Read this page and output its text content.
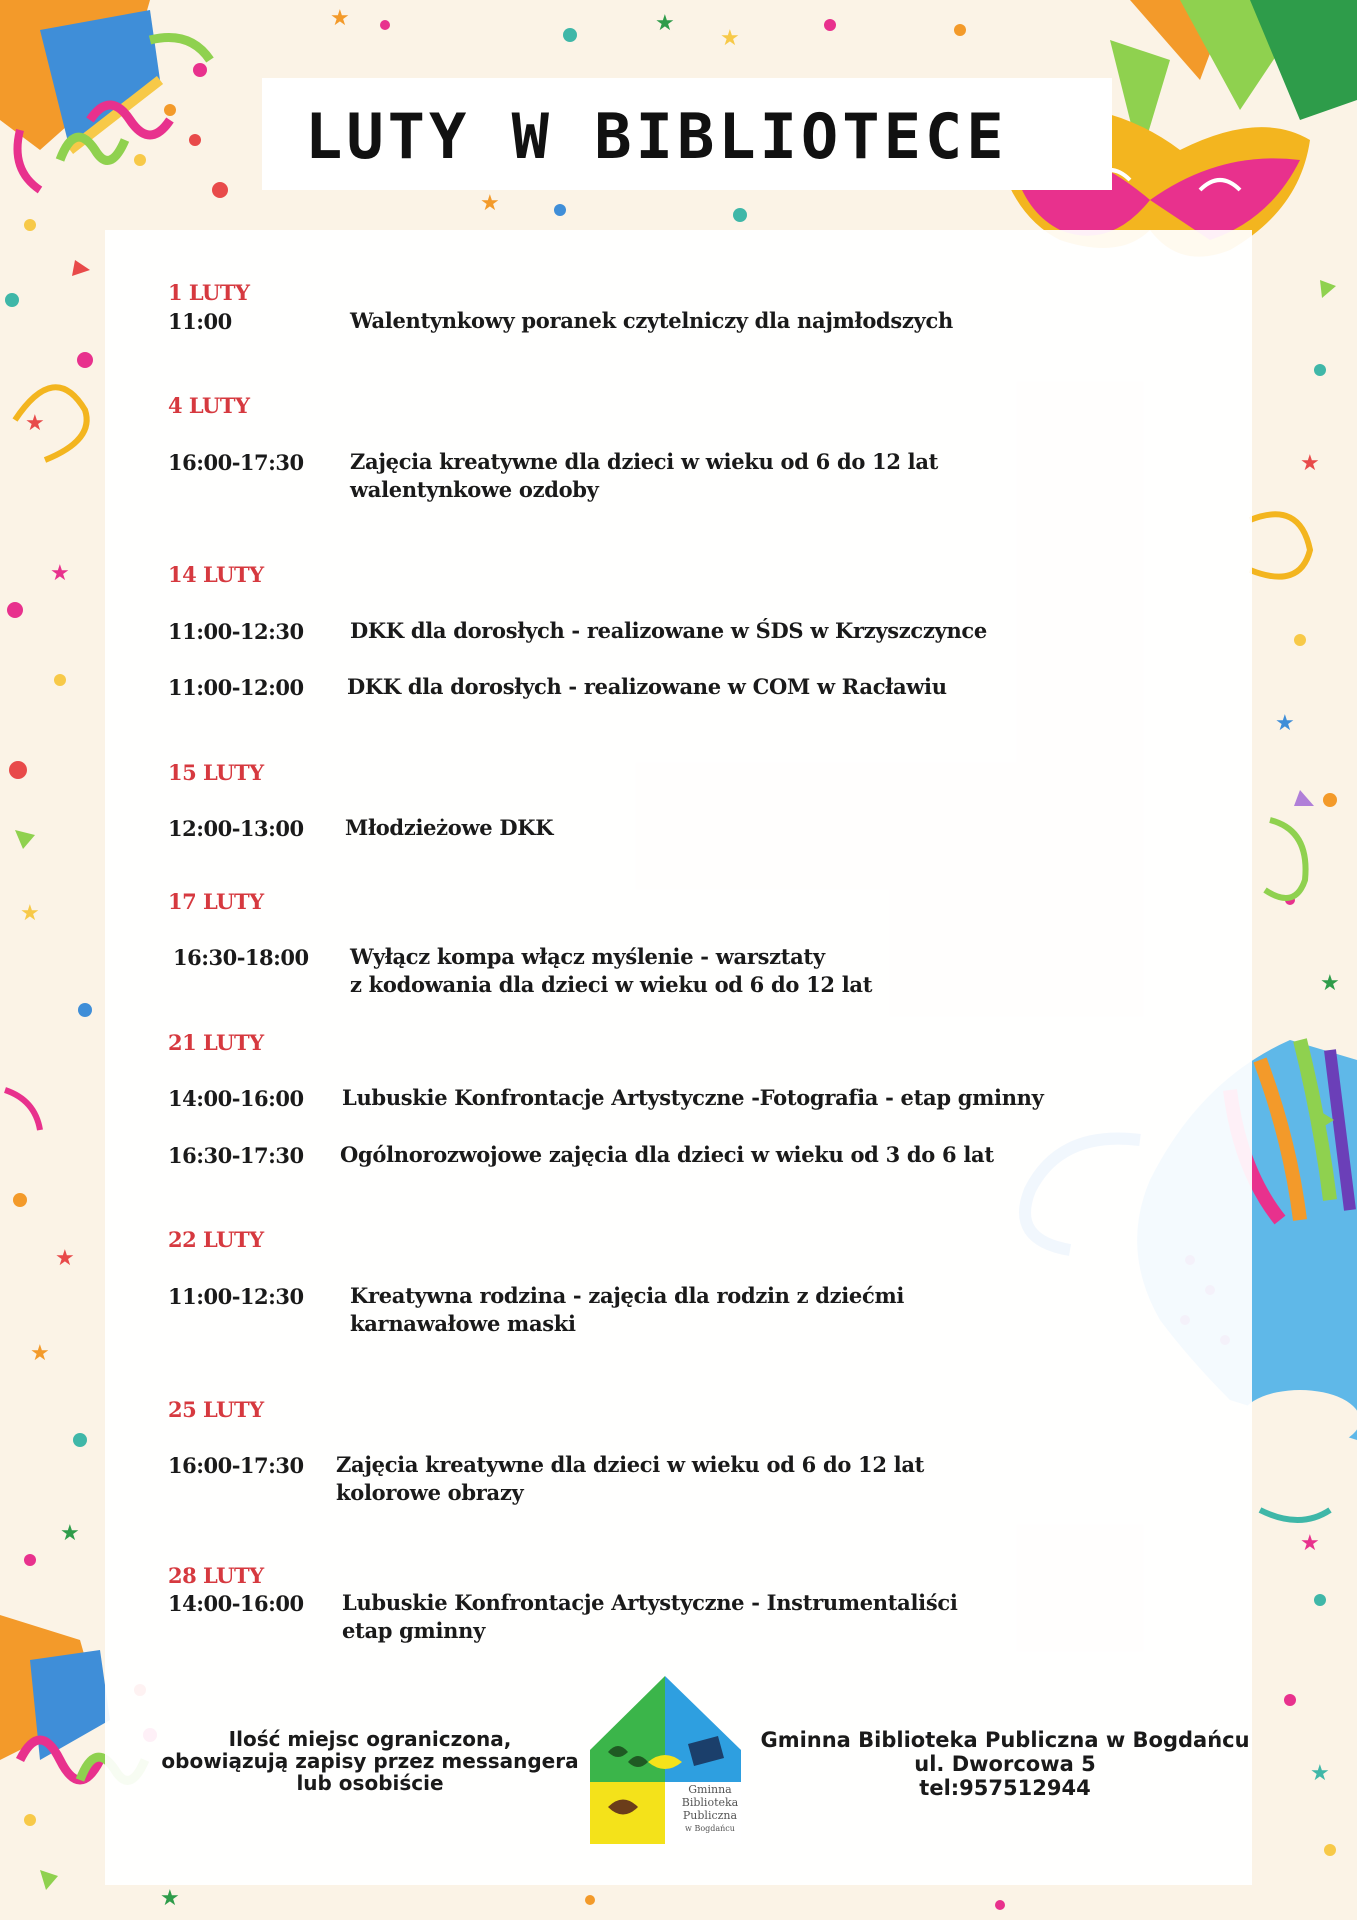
★
★
★
★
★
★
★
★
★
★
★
★
★
★
★
★
LUTY W BIBLIOTECE
1 LUTY
11:00	Walentynkowy poranek czytelniczy dla najmłodszych
4 LUTY
16:00-17:30 Zajęcia kreatywne dla dzieci w wieku od 6 do 12 lat
walentynkowe ozdoby
14 LUTY
11:00-12:30 DKK dla dorosłych - realizowane w ŚDS w Krzyszczynce
11:00-12:00 DKK dla dorosłych - realizowane w COM w Racławiu
15 LUTY
12:00-13:00 Młodzieżowe DKK
17 LUTY
16:30-18:00 Wyłącz kompa włącz myślenie - warsztaty
z kodowania dla dzieci w wieku od 6 do 12 lat
21 LUTY
14:00-16:00 Lubuskie Konfrontacje Artystyczne -Fotografia - etap gminny
16:30-17:30 Ogólnorozwojowe zajęcia dla dzieci w wieku od 3 do 6 lat
22 LUTY
11:00-12:30 Kreatywna rodzina - zajęcia dla rodzin z dziećmi
karnawałowe maski
25 LUTY
16:00-17:30 Zajęcia kreatywne dla dzieci w wieku od 6 do 12 lat
kolorowe obrazy
28 LUTY
14:00-16:00 Lubuskie Konfrontacje Artystyczne - Instrumentaliści
etap gminny
Ilość miejsc ograniczona,
obowiązują zapisy przez messangera
lub osobiście	Gminna
Biblioteka
Publiczna
w Bogdańcu
Gminna Biblioteka Publiczna w Bogdańcu
ul. Dworcowa 5
tel:957512944
